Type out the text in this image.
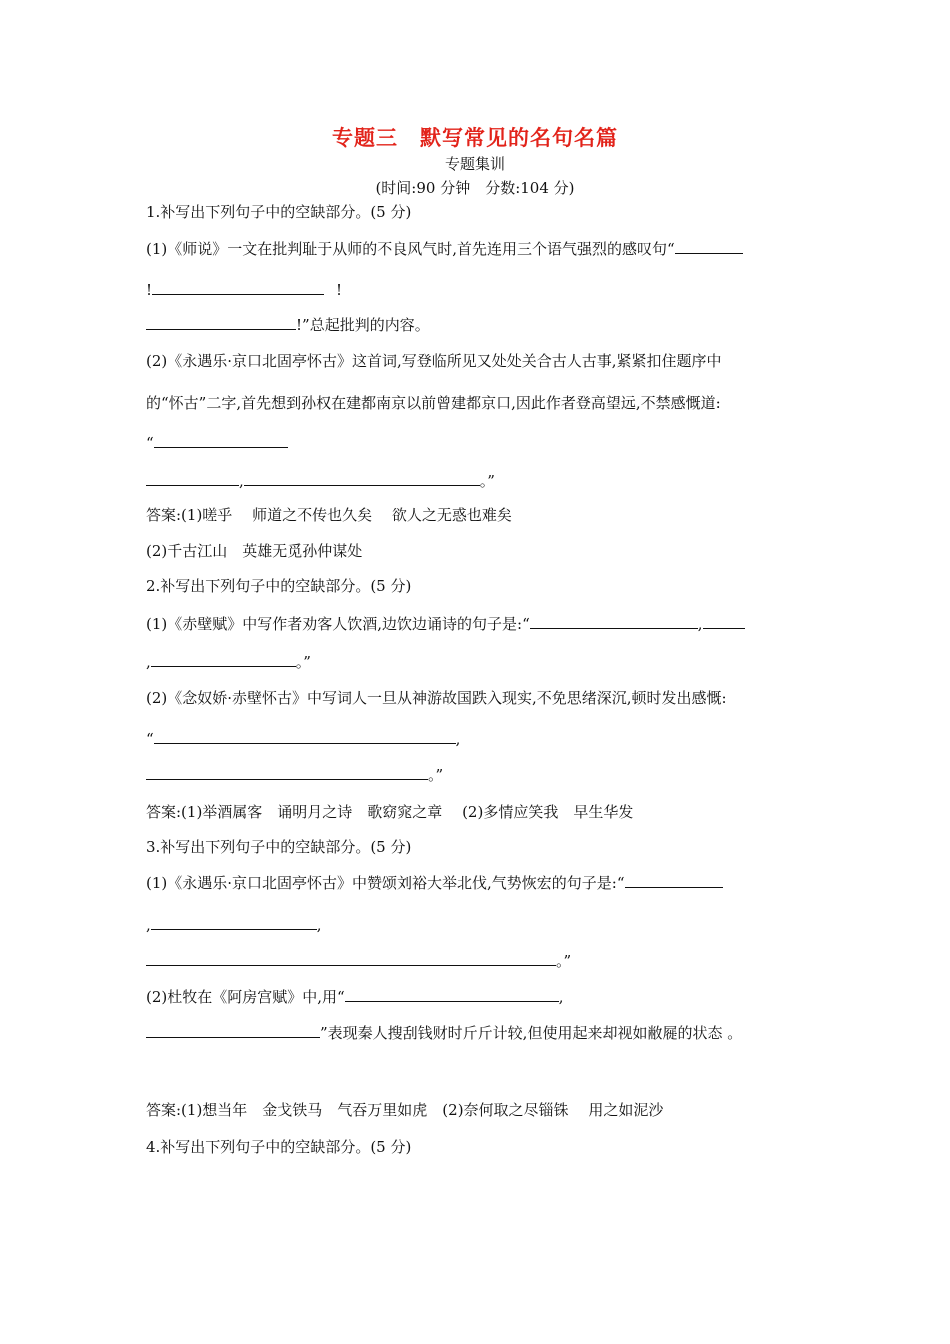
专题三　默写常见的名句名篇
专题集训
(时间:90 分钟　分数:104 分)
1.补写出下列句子中的空缺部分。(5 分)
(1)《师说》一文在批判耻于从师的不良风气时,首先连用三个语气强烈的感叹句“
!	!
!”总起批判的内容。
(2)《永遇乐·京口北固亭怀古》这首词,写登临所见又处处关合古人古事,紧紧扣住题序中
的“怀古”二字,首先想到孙权在建都南京以前曾建都京口,因此作者登高望远,不禁感慨道:
“
,	。”
答案:(1)嗟乎　 师道之不传也久矣　 欲人之无惑也难矣
(2)千古江山　英雄无觅孙仲谋处
2.补写出下列句子中的空缺部分。(5 分)
(1)《赤壁赋》中写作者劝客人饮酒,边饮边诵诗的句子是:“	,
,	。”
(2)《念奴娇·赤壁怀古》中写词人一旦从神游故国跌入现实,不免思绪深沉,顿时发出感慨:
“	,
。”
答案:(1)举酒属客　诵明月之诗　歌窈窕之章　 (2)多情应笑我　早生华发
3.补写出下列句子中的空缺部分。(5 分)
(1)《永遇乐·京口北固亭怀古》中赞颂刘裕大举北伐,气势恢宏的句子是:“
,	,
。”
(2)杜牧在《阿房宫赋》中,用“	,
”表现秦人搜刮钱财时斤斤计较,但使用起来却视如敝屣的状态 。
答案:(1)想当年　金戈铁马　气吞万里如虎　(2)奈何取之尽锱铢　 用之如泥沙
4.补写出下列句子中的空缺部分。(5 分)
